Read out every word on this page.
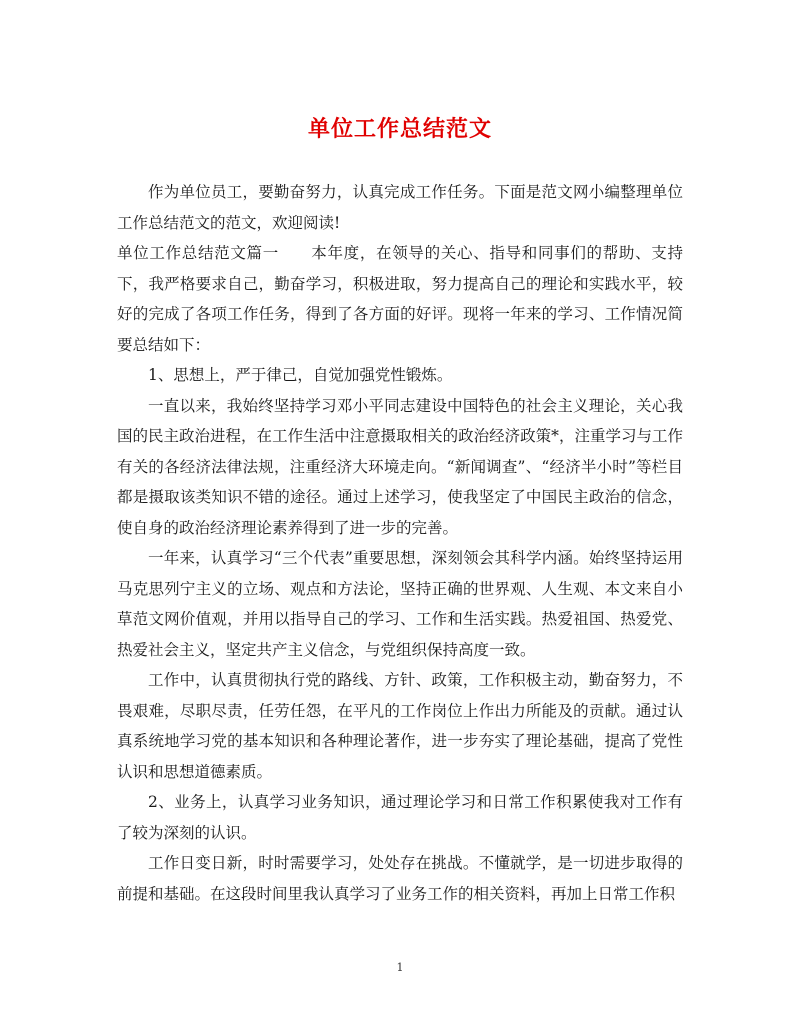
单位工作总结范文

作为单位员工，要勤奋努力，认真完成工作任务。下面是范文网小编整理单位工作总结范文的范文，欢迎阅读!

单位工作总结范文篇一　　本年度，在领导的关心、指导和同事们的帮助、支持下，我严格要求自己，勤奋学习，积极进取，努力提高自己的理论和实践水平，较好的完成了各项工作任务，得到了各方面的好评。现将一年来的学习、工作情况简要总结如下：

1、思想上，严于律己，自觉加强党性锻炼。

一直以来，我始终坚持学习邓小平同志建设中国特色的社会主义理论，关心我国的民主政治进程，在工作生活中注意摄取相关的政治经济政策*，注重学习与工作有关的各经济法律法规，注重经济大环境走向。“新闻调查”、“经济半小时”等栏目都是摄取该类知识不错的途径。通过上述学习，使我坚定了中国民主政治的信念，使自身的政治经济理论素养得到了进一步的完善。

一年来，认真学习“三个代表”重要思想，深刻领会其科学内涵。始终坚持运用马克思列宁主义的立场、观点和方法论，坚持正确的世界观、人生观、本文来自小草范文网价值观，并用以指导自己的学习、工作和生活实践。热爱祖国、热爱党、热爱社会主义，坚定共产主义信念，与党组织保持高度一致。

工作中，认真贯彻执行党的路线、方针、政策，工作积极主动，勤奋努力，不畏艰难，尽职尽责，任劳任怨，在平凡的工作岗位上作出力所能及的贡献。通过认真系统地学习党的基本知识和各种理论著作，进一步夯实了理论基础，提高了党性认识和思想道德素质。

2、业务上，认真学习业务知识，通过理论学习和日常工作积累使我对工作有了较为深刻的认识。

工作日变日新，时时需要学习，处处存在挑战。不懂就学，是一切进步取得的前提和基础。在这段时间里我认真学习了业务工作的相关资料，再加上日常工作积

1
